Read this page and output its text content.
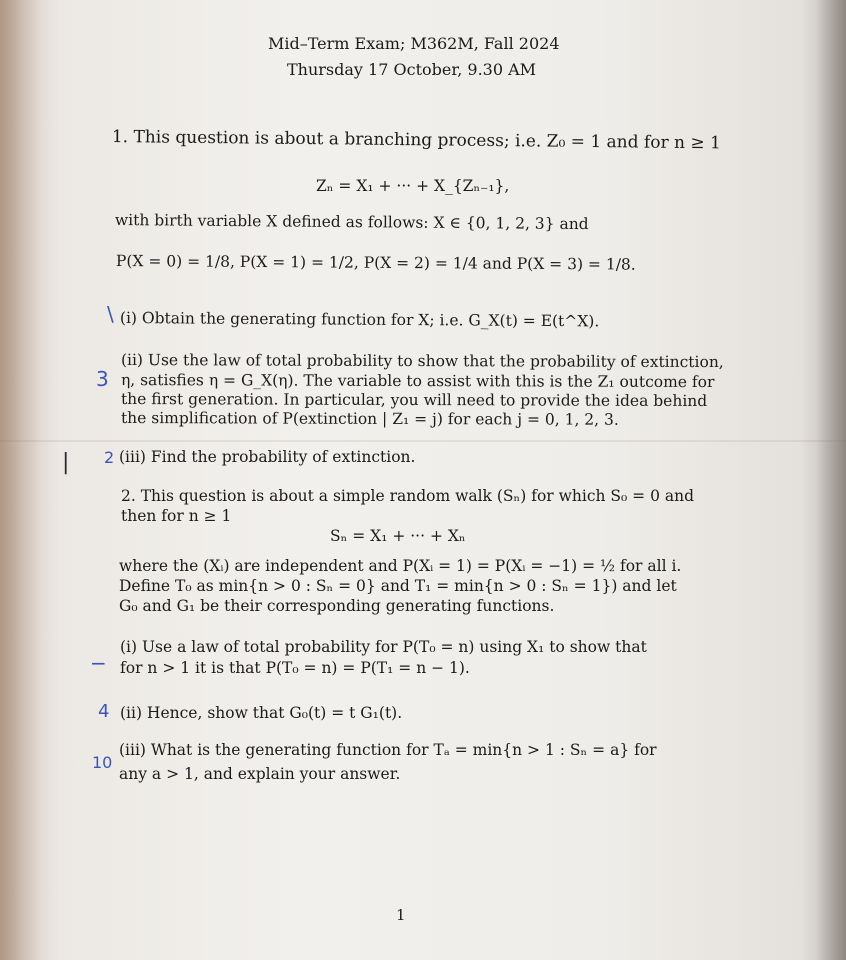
Mid–Term Exam; M362M, Fall 2024
Thursday 17 October, 9.30 AM
1. This question is about a branching process; i.e. Z₀ = 1 and for n ≥ 1
Zₙ = X₁ + ··· + X_{Zₙ₋₁},
with birth variable X defined as follows: X ∈ {0, 1, 2, 3} and
P(X = 0) = 1/8, P(X = 1) = 1/2, P(X = 2) = 1/4 and P(X = 3) = 1/8.
\ (i) Obtain the generating function for X; i.e. G_X(t) = E(t^X).
3
(ii) Use the law of total probability to show that the probability of extinction,
η, satisfies η = G_X(η). The variable to assist with this is the Z₁ outcome for
the first generation. In particular, you will need to provide the idea behind
the simplification of P(extinction | Z₁ = j) for each j = 0, 1, 2, 3.
| 2 (iii) Find the probability of extinction.
2. This question is about a simple random walk (Sₙ) for which S₀ = 0 and
then for n ≥ 1
Sₙ = X₁ + ··· + Xₙ
where the (Xᵢ) are independent and P(Xᵢ = 1) = P(Xᵢ = −1) = ½ for all i.
Define T₀ as min{n > 0 : Sₙ = 0} and T₁ = min{n > 0 : Sₙ = 1}) and let
G₀ and G₁ be their corresponding generating functions.
−
(i) Use a law of total probability for P(T₀ = n) using X₁ to show that
for n > 1 it is that P(T₀ = n) = P(T₁ = n − 1).
4 (ii) Hence, show that G₀(t) = t G₁(t).
10
(iii) What is the generating function for Tₐ = min{n > 1 : Sₙ = a} for
any a > 1, and explain your answer.
1
